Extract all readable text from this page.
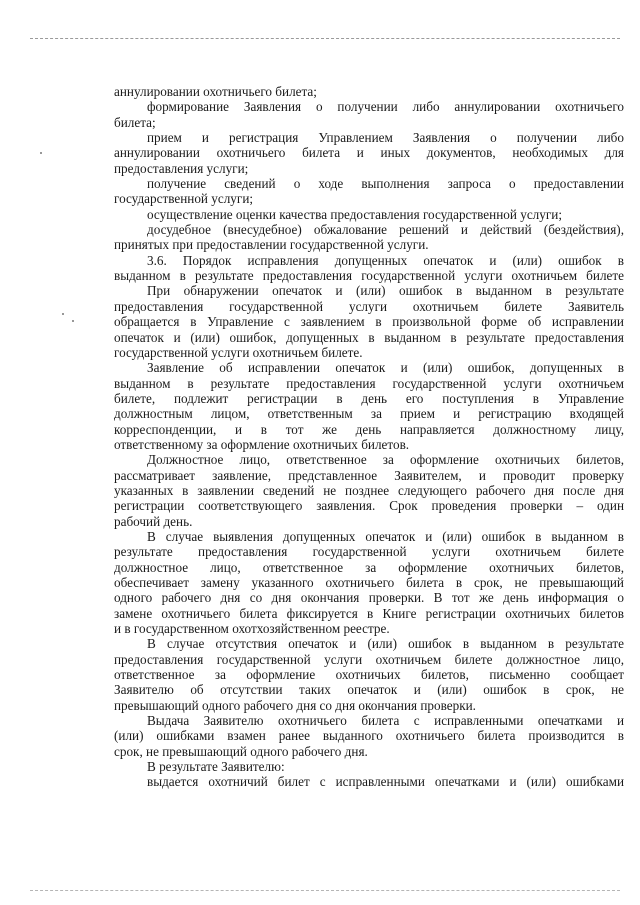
аннулировании охотничьего билета;
формирование Заявления о получении либо аннулировании охотничьего
билета;
прием и регистрация Управлением Заявления о получении либо
аннулировании охотничьего билета и иных документов, необходимых для
предоставления услуги;
получение сведений о ходе выполнения запроса о предоставлении
государственной услуги;
осуществление оценки качества предоставления государственной услуги;
досудебное (внесудебное) обжалование решений и действий (бездействия),
принятых при предоставлении государственной услуги.
3.6. Порядок исправления допущенных опечаток и (или) ошибок в
выданном в результате предоставления государственной услуги охотничьем билете
При обнаружении опечаток и (или) ошибок в выданном в результате
предоставления государственной услуги охотничьем билете Заявитель
обращается в Управление с заявлением в произвольной форме об исправлении
опечаток и (или) ошибок, допущенных в выданном в результате предоставления
государственной услуги охотничьем билете.
Заявление об исправлении опечаток и (или) ошибок, допущенных в
выданном в результате предоставления государственной услуги охотничьем
билете, подлежит регистрации в день его поступления в Управление
должностным лицом, ответственным за прием и регистрацию входящей
корреспонденции, и в тот же день направляется должностному лицу,
ответственному за оформление охотничьих билетов.
Должностное лицо, ответственное за оформление охотничьих билетов,
рассматривает заявление, представленное Заявителем, и проводит проверку
указанных в заявлении сведений не позднее следующего рабочего дня после дня
регистрации соответствующего заявления. Срок проведения проверки – один
рабочий день.
В случае выявления допущенных опечаток и (или) ошибок в выданном в
результате предоставления государственной услуги охотничьем билете
должностное лицо, ответственное за оформление охотничьих билетов,
обеспечивает замену указанного охотничьего билета в срок, не превышающий
одного рабочего дня со дня окончания проверки. В тот же день информация о
замене охотничьего билета фиксируется в Книге регистрации охотничьих билетов
и в государственном охотхозяйственном реестре.
В случае отсутствия опечаток и (или) ошибок в выданном в результате
предоставления государственной услуги охотничьем билете должностное лицо,
ответственное за оформление охотничьих билетов, письменно сообщает
Заявителю об отсутствии таких опечаток и (или) ошибок в срок, не
превышающий одного рабочего дня со дня окончания проверки.
Выдача Заявителю охотничьего билета с исправленными опечатками и
(или) ошибками взамен ранее выданного охотничьего билета производится в
срок, не превышающий одного рабочего дня.
В результате Заявителю:
выдается охотничий билет с исправленными опечатками и (или) ошибками
